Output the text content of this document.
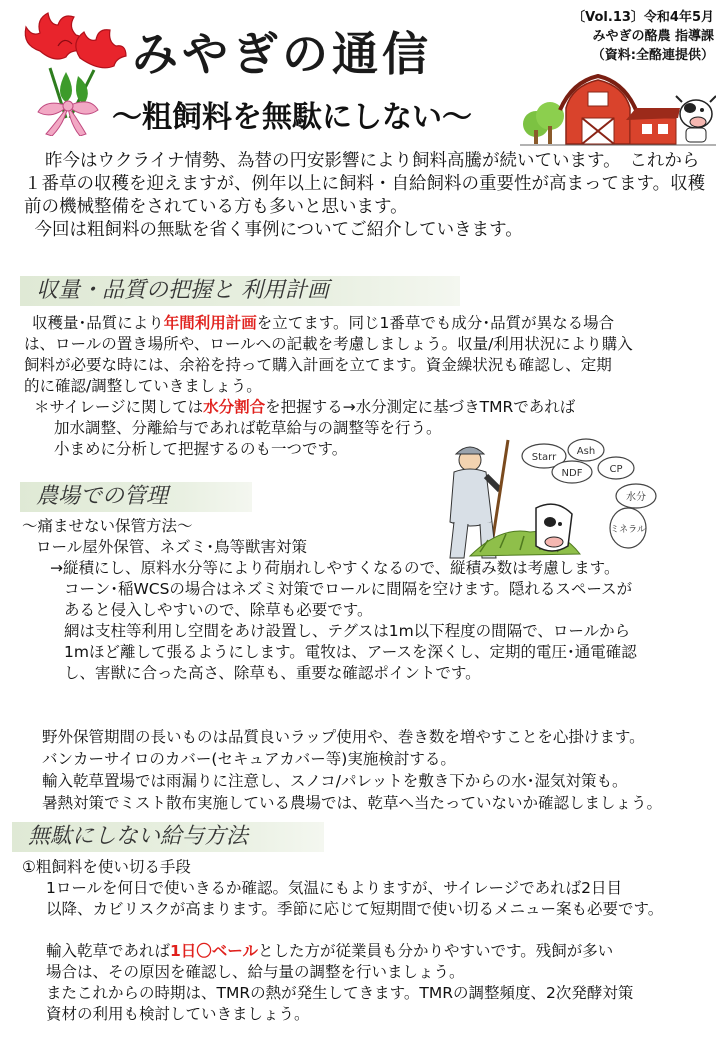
みやぎの通信
〜粗飼料を無駄にしない〜
〔Vol.13〕令和4年5月
みやぎの酪農 指導課
（資料:全酪連提供）

昨今はウクライナ情勢、為替の円安影響により飼料高騰が続いています。　これから１番草の収穫を迎えますが、例年以上に飼料・自給飼料の重要性が高まってます。収穫前の機械整備をされている方も多いと思います。

今回は粗飼料の無駄を省く事例についてご紹介していきます。

収量・品質の把握と 利用計画

収穫量･品質により年間利用計画を立てます。同じ1番草でも成分･品質が異なる場合

は、ロールの置き場所や、ロールへの記載を考慮しましょう。収量/利用状況により購入

飼料が必要な時には、余裕を持って購入計画を立てます。資金繰状況も確認し、定期

的に確認/調整していきましょう。

＊サイレージに関しては水分割合を把握する→水分測定に基づきTMRであれば

加水調整、分離給与であれば乾草給与の調整等を行う。

小まめに分析して把握するのも一つです。	Starr
Ash
NDF	CP
水分
ミネラル
農場での管理

〜痛ませない保管方法〜

ロール屋外保管、ネズミ･鳥等獣害対策

→縦積にし、原料水分等により荷崩れしやすくなるので、縦積み数は考慮します。

コーン･稲WCSの場合はネズミ対策でロールに間隔を空けます。隠れるスペースが

あると侵入しやすいので、除草も必要です。

網は支柱等利用し空間をあけ設置し、テグスは1m以下程度の間隔で、ロールから

1mほど離して張るようにします。電牧は、アースを深くし、定期的電圧･通電確認

し、害獣に合った高さ、除草も、重要な確認ポイントです。

野外保管期間の長いものは品質良いラップ使用や、巻き数を増やすことを心掛けます。

バンカーサイロのカバー(セキュアカバー等)実施検討する。

輸入乾草置場では雨漏りに注意し、スノコ/パレットを敷き下からの水･湿気対策も。

暑熱対策でミスト散布実施している農場では、乾草へ当たっていないか確認しましょう。

無駄にしない給与方法

①粗飼料を使い切る手段

1ロールを何日で使いきるか確認。気温にもよりますが、サイレージであれば2日目

以降、カビリスクが高まります。季節に応じて短期間で使い切るメニュー案も必要です。

輸入乾草であれば1日〇ベールとした方が従業員も分かりやすいです。残飼が多い

場合は、その原因を確認し、給与量の調整を行いましょう。

またこれからの時期は、TMRの熱が発生してきます。TMRの調整頻度、2次発酵対策

資材の利用も検討していきましょう。
